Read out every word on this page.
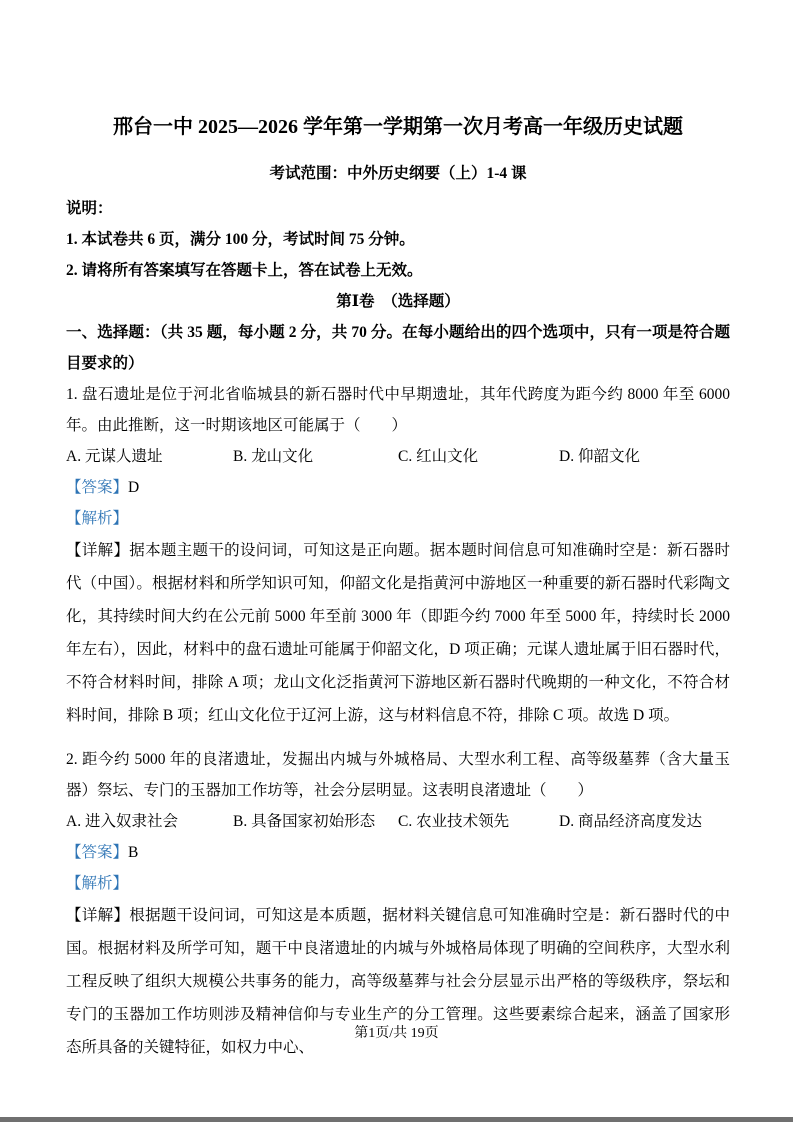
邢台一中 2025—2026 学年第一学期第一次月考高一年级历史试题

考试范围：中外历史纲要（上）1-4 课

说明：

1. 本试卷共 6 页，满分 100 分，考试时间 75 分钟。

2. 请将所有答案填写在答题卡上，答在试卷上无效。

第Ⅰ卷　（选择题）

一、选择题：（共 35 题，每小题 2 分，共 70 分。在每小题给出的四个选项中，只有一项是符合题目要求的）

1. 盘石遗址是位于河北省临城县的新石器时代中早期遗址，其年代跨度为距今约 8000 年至 6000 年。由此推断，这一时期该地区可能属于（　　）

A. 元谋人遗址	B. 龙山文化	C. 红山文化	D. 仰韶文化

【答案】D

【解析】

【详解】据本题主题干的设问词，可知这是正向题。据本题时间信息可知准确时空是：新石器时代（中国）。根据材料和所学知识可知，仰韶文化是指黄河中游地区一种重要的新石器时代彩陶文化，其持续时间大约在公元前 5000 年至前 3000 年（即距今约 7000 年至 5000 年，持续时长 2000 年左右），因此，材料中的盘石遗址可能属于仰韶文化，D 项正确；元谋人遗址属于旧石器时代，不符合材料时间，排除 A 项；龙山文化泛指黄河下游地区新石器时代晚期的一种文化，不符合材料时间，排除 B 项；红山文化位于辽河上游，这与材料信息不符，排除 C 项。故选 D 项。

2. 距今约 5000 年的良渚遗址，发掘出内城与外城格局、大型水利工程、高等级墓葬（含大量玉器）祭坛、专门的玉器加工作坊等，社会分层明显。这表明良渚遗址（　　）

A. 进入奴隶社会	B. 具备国家初始形态	C. 农业技术领先	D. 商品经济高度发达

【答案】B

【解析】

【详解】根据题干设问词，可知这是本质题，据材料关键信息可知准确时空是：新石器时代的中国。根据材料及所学可知，题干中良渚遗址的内城与外城格局体现了明确的空间秩序，大型水利工程反映了组织大规模公共事务的能力，高等级墓葬与社会分层显示出严格的等级秩序，祭坛和专门的玉器加工作坊则涉及精神信仰与专业生产的分工管理。这些要素综合起来，涵盖了国家形态所具备的关键特征，如权力中心、

第1页/共 19页
